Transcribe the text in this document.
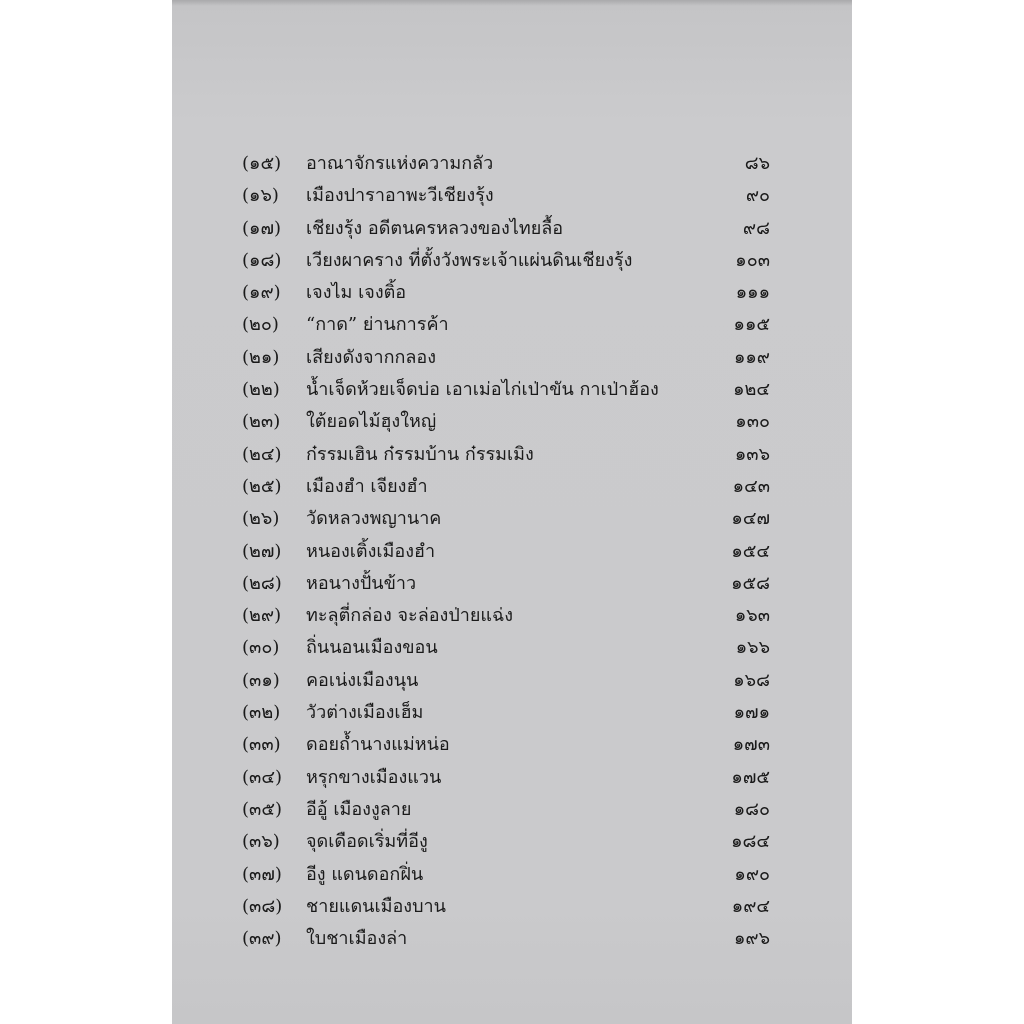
(๑๕)	อาณาจักรแห่งความกลัว	๘๖
(๑๖)	เมืองปาราอาพะวีเชียงรุ้ง	๙๐
(๑๗)	เชียงรุ้ง อดีตนครหลวงของไทยลื้อ	๙๘
(๑๘)	เวียงผาคราง ที่ตั้งวังพระเจ้าแผ่นดินเชียงรุ้ง	๑๐๓
(๑๙)	เจงไม เจงติ้อ	๑๑๑
(๒๐)	“กาด” ย่านการค้า	๑๑๕
(๒๑)	เสียงดังจากกลอง	๑๑๙
(๒๒)	น้ำเจ็ดห้วยเจ็ดบ่อ เอาเม่อไก่เป่าขัน กาเป่าฮ้อง	๑๒๔
(๒๓)	ใต้ยอดไม้ฮุงใหญ่	๑๓๐
(๒๔)	ก๋รรมเฮิน ก๋รรมบ้าน ก๋รรมเมิง	๑๓๖
(๒๕)	เมืองฮำ เจียงฮำ	๑๔๓
(๒๖)	วัดหลวงพญานาค	๑๔๗
(๒๗)	หนองเติ้งเมืองฮำ	๑๕๔
(๒๘)	หอนางปั้นข้าว	๑๕๘
(๒๙)	ทะลุตี่กล่อง จะล่องป่ายแฉ่ง	๑๖๓
(๓๐)	ถิ่นนอนเมืองขอน	๑๖๖
(๓๑)	คอเน่งเมืองนุน	๑๖๘
(๓๒)	วัวต่างเมืองเฮ็ม	๑๗๑
(๓๓)	ดอยถ้ำนางแม่หน่อ	๑๗๓
(๓๔)	หรุกขางเมืองแวน	๑๗๕
(๓๕)	อีอู้ เมืองงูลาย	๑๘๐
(๓๖)	จุดเดือดเริ่มที่อีงู	๑๘๔
(๓๗)	อีงู แดนดอกฝิ่น	๑๙๐
(๓๘)	ชายแดนเมืองบาน	๑๙๔
(๓๙)	ใบชาเมืองล่า	๑๙๖
